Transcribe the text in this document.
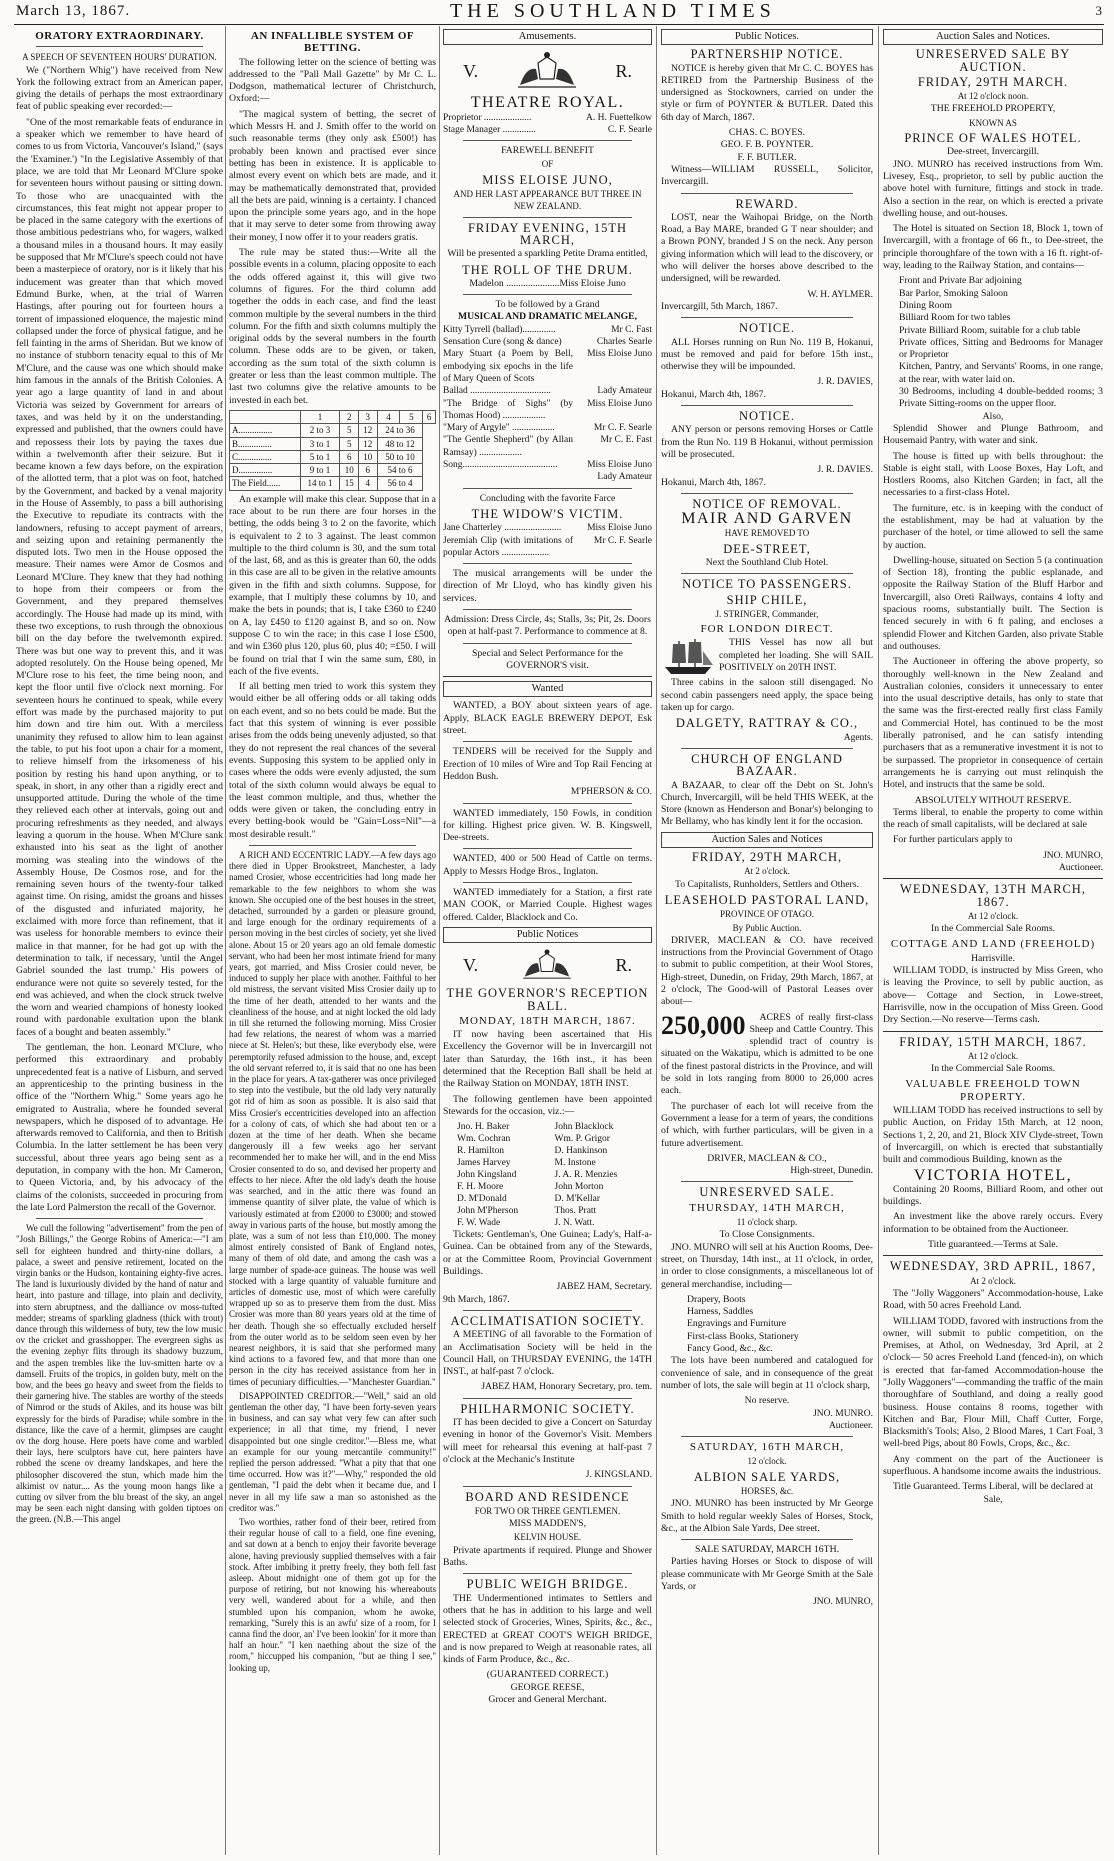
March 13, 1867.	THE SOUTHLAND TIMES	3
ORATORY EXTRAORDINARY.
A SPEECH OF SEVENTEEN HOURS' DURATION.

We ("Northern Whig") have received from New York the following extract from an American paper, giving the details of perhaps the most extraordinary feat of public speaking ever recorded:—

"One of the most remarkable feats of endurance in a speaker which we remember to have heard of comes to us from Victoria, Vancouver's Island," (says the 'Examiner.') "In the Legislative Assembly of that place, we are told that Mr Leonard M'Clure spoke for seventeen hours without pausing or sitting down. To those who are unacquainted with the circumstances, this feat might not appear proper to be placed in the same category with the exertions of those ambitious pedestrians who, for wagers, walked a thousand miles in a thousand hours. It may easily be supposed that Mr M'Clure's speech could not have been a masterpiece of oratory, nor is it likely that his inducement was greater than that which moved Edmund Burke, when, at the trial of Warren Hastings, after pouring out for fourteen hours a torrent of impassioned eloquence, the majestic mind collapsed under the force of physical fatigue, and he fell fainting in the arms of Sheridan. But we know of no instance of stubborn tenacity equal to this of Mr M'Clure, and the cause was one which should make him famous in the annals of the British Colonies. A year ago a large quantity of land in and about Victoria was seized by Government for arrears of taxes, and was held by it on the understanding, expressed and published, that the owners could have and repossess their lots by paying the taxes due within a twelvemonth after their seizure. But it became known a few days before, on the expiration of the allotted term, that a plot was on foot, hatched by the Government, and backed by a venal majority in the House of Assembly, to pass a bill authorising the Executive to repudiate its contracts with the landowners, refusing to accept payment of arrears, and seizing upon and retaining permanently the disputed lots. Two men in the House opposed the measure. Their names were Amor de Cosmos and Leonard M'Clure. They knew that they had nothing to hope from their compeers or from the Government, and they prepared themselves accordingly. The House had made up its mind, with these two exceptions, to rush through the obnoxious bill on the day before the twelvemonth expired. There was but one way to prevent this, and it was adopted resolutely. On the House being opened, Mr M'Clure rose to his feet, the time being noon, and kept the floor until five o'clock next morning. For seventeen hours he continued to speak, while every effort was made by the purchased majority to put him down and tire him out. With a merciless unanimity they refused to allow him to lean against the table, to put his foot upon a chair for a moment, to relieve himself from the irksomeness of his position by resting his hand upon anything, or to speak, in short, in any other than a rigidly erect and unsupported attitude. During the whole of the time they relieved each other at intervals, going out and procuring refreshments as they needed, and always leaving a quorum in the house. When M'Clure sank exhausted into his seat as the light of another morning was stealing into the windows of the Assembly House, De Cosmos rose, and for the remaining seven hours of the twenty-four talked against time. On rising, amidst the groans and hisses of the disgusted and infuriated majority, he exclaimed with more force than refinement, that it was useless for honorable members to evince their malice in that manner, for he had got up with the determination to talk, if necessary, 'until the Angel Gabriel sounded the last trump.' His powers of endurance were not quite so severely tested, for the end was achieved, and when the clock struck twelve the worn and wearied champions of honesty looked round with pardonable exultation upon the blank faces of a bought and beaten assembly."

The gentleman, the hon. Leonard M'Clure, who performed this extraordinary and probably unprecedented feat is a native of Lisburn, and served an apprenticeship to the printing business in the office of the "Northern Whig." Some years ago he emigrated to Australia, where he founded several newspapers, which he disposed of to advantage. He afterwards removed to California, and then to British Columbia. In the latter settlement he has been very successful, about three years ago being sent as a deputation, in company with the hon. Mr Cameron, to Queen Victoria, and, by his advocacy of the claims of the colonists, succeeded in procuring from the late Lord Palmerston the recall of the Governor.

We cull the following "advertisement" from the pen of "Josh Billings," the George Robins of America:—"I am sell for eighteen hundred and thirty-nine dollars, a palace, a sweet and pensive retirement, located on the virgin banks or the Hudson, kontaining eighty-five acres. The land is luxuriously divided by the hand of natur and heart, into pasture and tillage, into plain and declivity, into stern abruptness, and the dalliance ov moss-tufted medder; streams of sparkling gladness (thick with trout) dance through this wilderness of buty, tew the low music ov the cricket and grasshopper. The evergreen sighs as the evening zephyr flits through its shadowy buzzum, and the aspen trembles like the luv-smitten harte ov a damsell. Fruits of the tropics, in golden buty, melt on the bow, and the bees go heavy and sweet from the fields to their garnering hive. The stables are worthy of the steeds of Nimrod or the studs of Akiles, and its house was bilt expressly for the birds of Paradise; while sombre in the distance, like the cave of a hermit, glimpses are caught ov the dorg house. Here poets have come and warbled their lays, here sculptors have cut, here painters have robbed the scene ov dreamy landskapes, and here the philosopher discovered the stun, which made him the alkimist ov natur.... As the young moon hangs like a cutting ov silver from the blu breast of the sky, an angel may be seen each night dansing with golden tiptoes on the green. (N.B.—This angel

AN INFALLIBLE SYSTEM OF BETTING.

The following letter on the science of betting was addressed to the "Pall Mall Gazette" by Mr C. L. Dodgson, mathematical lecturer of Christchurch, Oxford:—

"The magical system of betting, the secret of which Messrs H. and J. Smith offer to the world on such reasonable terms (they only ask £500!) has probably been known and practised ever since betting has been in existence. It is applicable to almost every event on which bets are made, and it may be mathematically demonstrated that, provided all the bets are paid, winning is a certainty. I chanced upon the principle some years ago, and in the hope that it may serve to deter some from throwing away their money, I now offer it to your readers gratis.

The rule may be stated thus:—Write all the possible events in a column, placing opposite to each the odds offered against it, this will give two columns of figures. For the third column add together the odds in each case, and find the least common multiple by the several numbers in the third column. For the fifth and sixth columns multiply the original odds by the several numbers in the fourth column. These odds are to be given, or taken, according as the sum total of the sixth column is greater or less than the least common multiple. The last two columns give the relative amounts to be invested in each bet.

	1	2	3	4	5	6
A...............	2 to 3	5	12	24 to 36		
B...............	3 to 1	5	12	48 to 12		
C...............	5 to 1	6	10	50 to 10		
D...............	9 to 1	10	6	54 to 6		
The Field......	14 to 1	15	4	56 to 4		

An example will make this clear. Suppose that in a race about to be run there are four horses in the betting, the odds being 3 to 2 on the favorite, which is equivalent to 2 to 3 against. The least common multiple to the third column is 30, and the sum total of the last, 68, and as this is greater than 60, the odds in this case are all to be given in the relative amounts given in the fifth and sixth columns. Suppose, for example, that I multiply these columns by 10, and make the bets in pounds; that is, I take £360 to £240 on A, lay £450 to £120 against B, and so on. Now suppose C to win the race; in this case I lose £500, and win £360 plus 120, plus 60, plus 40; =£50. I will be found on trial that I win the same sum, £80, in each of the five events.

If all betting men tried to work this system they would either be all offering odds or all taking odds on each event, and so no bets could be made. But the fact that this system of winning is ever possible arises from the odds being unevenly adjusted, so that they do not represent the real chances of the several events. Supposing this system to be applied only in cases where the odds were evenly adjusted, the sum total of the sixth column would always be equal to the least common multiple, and thus, whether the odds were given or taken, the concluding entry in every betting-book would be "Gain=Loss=Nil"—a most desirable result."

A RICH AND ECCENTRIC LADY.—A few days ago there died in Upper Brookstreet, Manchester, a lady named Crosier, whose eccentricities had long made her remarkable to the few neighbors to whom she was known. She occupied one of the best houses in the street, detached, surrounded by a garden or pleasure ground, and large enough for the ordinary requirements of a person moving in the best circles of society, yet she lived alone. About 15 or 20 years ago an old female domestic servant, who had been her most intimate friend for many years, got married, and Miss Crosier could never, be induced to supply her place with another. Faithful to her old mistress, the servant visited Miss Crosier daily up to the time of her death, attended to her wants and the cleanliness of the house, and at night locked the old lady in till she returned the following morning. Miss Crosier had few relations, the nearest of whom was a married niece at St. Helen's; but these, like everybody else, were peremptorily refused admission to the house, and, except the old servant referred to, it is said that no one has been in the place for years. A tax-gatherer was once privileged to step into the vestibule, but the old lady very naturally got rid of him as soon as possible. It is also said that Miss Crosier's eccentricities developed into an affection for a colony of cats, of which she had about ten or a dozen at the time of her death. When she became dangerously ill a few weeks ago her servant recommended her to make her will, and in the end Miss Crosier consented to do so, and devised her property and effects to her niece. After the old lady's death the house was searched, and in the attic there was found an immense quantity of silver plate, the value of which is variously estimated at from £2000 to £3000; and stowed away in various parts of the house, but mostly among the plate, was a sum of not less than £10,000. The money almost entirely consisted of Bank of England notes, many of them of old date, and among the cash was a large number of spade-ace guineas. The house was well stocked with a large quantity of valuable furniture and articles of domestic use, most of which were carefully wrapped up so as to preserve them from the dust. Miss Crosier was more than 80 years years old at the time of her death. Though she so effectually excluded herself from the outer world as to be seldom seen even by her nearest neighbors, it is said that she performed many kind actions to a favored few, and that more than one person in the city has received assistance from her in times of pecuniary difficulties.—"Manchester Guardian."

DISAPPOINTED CREDITOR.—"Well," said an old gentleman the other day, "I have been forty-seven years in business, and can say what very few can after such experience; in all that time, my friend, I never disappointed but one single creditor."—Bless me, what an example for our young mercantile community!" replied the person addressed. "What a pity that that one time occurred. How was it?"—Why," responded the old gentleman, "I paid the debt when it became due, and I never in all my life saw a man so astonished as the creditor was."

Two worthies, rather fond of their beer, retired from their regular house of call to a field, one fine evening, and sat down at a bench to enjoy their favorite beverage alone, having previously supplied themselves with a fair stock. After imbibing it pretty freely, they both fell fast asleep. About midnight one of them got up for the purpose of retiring, but not knowing his whereabouts very well, wandered about for a while, and then stumbled upon his companion, whom he awoke, remarking, "Surely this is an awfu' size of a room, for I canna find the door, an' I've been lookin' for it more than half an hour." "I ken naething about the size of the room," hiccupped his companion, "but ae thing I see," looking up,

Amusements.
V.	R.
THEATRE ROYAL.
Proprietor ....................	A. H. Fuettelkow
Stage Manager ..............	C. F. Searle
FAREWELL BENEFIT
OF
MISS ELOISE JUNO,
AND HER LAST APPEARANCE BUT THREE IN NEW ZEALAND.
FRIDAY EVENING, 15TH MARCH,
Will be presented a sparkling Petite Drama entitled,
THE ROLL OF THE DRUM.
Madelon ......................Miss Eloise Juno
To be followed by a Grand
MUSICAL AND DRAMATIC MELANGE,
Kitty Tyrrell (ballad)..............	Mr C. Fast
Sensation Cure (song & dance)	Charles Searle
Mary Stuart (a Poem by Bell, embodying six epochs in the life of Mary Queen of Scots
Miss Eloise Juno
Ballad ..................................	Lady Amateur
"The Bridge of Sighs" (by Thomas Hood) ..................
Miss Eloise Juno
"Mary of Argyle" ..................	Mr C. F. Searle
"The Gentle Shepherd" (by Allan Ramsay) ..................
Mr C. E. Fast
Song........................................	Miss Eloise Juno
Lady Amateur
Concluding with the favorite Farce
THE WIDOW'S VICTIM.
Jane Chatterley ........................	Miss Eloise Juno
Jeremiah Clip (with imitations of popular Actors ....................
Mr C. F. Searle

The musical arrangements will be under the direction of Mr Lloyd, who has kindly given his services.

Admission: Dress Circle, 4s; Stalls, 3s; Pit, 2s. Doors open at half-past 7. Performance to commence at 8.
Special and Select Performance for the GOVERNOR'S visit.
Wanted

WANTED, a BOY about sixteen years of age. Apply, BLACK EAGLE BREWERY DEPOT, Esk street.

TENDERS will be received for the Supply and Erection of 10 miles of Wire and Top Rail Fencing at Heddon Bush.

M'PHERSON & CO.

WANTED immediately, 150 Fowls, in condition for killing. Highest price given. W. B. Kingswell, Dee-streets.

WANTED, 400 or 500 Head of Cattle on terms. Apply to Messrs Hodge Bros., Inglaton.

WANTED immediately for a Station, a first rate MAN COOK, or Married Couple. Highest wages offered. Calder, Blacklock and Co.

Public Notices
V.	R.
THE GOVERNOR'S RECEPTION BALL.
MONDAY, 18TH MARCH, 1867.

IT now having been ascertained that His Excellency the Governor will be in Invercargill not later than Saturday, the 16th inst., it has been determined that the Reception Ball shall be held at the Railway Station on MONDAY, 18TH INST.

The following gentlemen have been appointed Stewards for the occasion, viz.:—

Jno. H. Baker	John Blacklock
Wm. Cochran	Wm. P. Grigor
R. Hamilton	D. Hankinson
James Harvey	M. Instone
John Kingsland	J. A. R. Menzies
F. H. Moore	John Morton
D. M'Donald	D. M'Kellar
John M'Pherson	Thos. Pratt
F. W. Wade	J. N. Watt.

Tickets: Gentleman's, One Guinea; Lady's, Half-a-Guinea. Can be obtained from any of the Stewards, or at the Committee Room, Provincial Government Buildings.

JABEZ HAM, Secretary.
9th March, 1867.
ACCLIMATISATION SOCIETY.

A MEETING of all favorable to the Formation of an Acclimatisation Society will be held in the Council Hall, on THURSDAY EVENING, the 14TH INST., at half-past 7 o'clock.

JABEZ HAM, Honorary Secretary, pro. tem.
PHILHARMONIC SOCIETY.

IT has been decided to give a Concert on Saturday evening in honor of the Governor's Visit. Members will meet for rehearsal this evening at half-past 7 o'clock at the Mechanic's Institute

J. KINGSLAND.
BOARD AND RESIDENCE
FOR TWO OR THREE GENTLEMEN.
MISS MADDEN'S,
KELVIN HOUSE.

Private apartments if required. Plunge and Shower Baths.

PUBLIC WEIGH BRIDGE.

THE Undermentioned intimates to Settlers and others that he has in addition to his large and well selected stock of Groceries, Wines, Spirits, &c., &c., ERECTED at GREAT COOT'S WEIGH BRIDGE, and is now prepared to Weigh at reasonable rates, all kinds of Farm Produce, &c., &c.

(GUARANTEED CORRECT.)
GEORGE REESE,
Grocer and General Merchant.
Public Notices.
PARTNERSHIP NOTICE.

NOTICE is hereby given that Mr C. C. BOYES has RETIRED from the Partnership Business of the undersigned as Stockowners, carried on under the style or firm of POYNTER & BUTLER. Dated this 6th day of March, 1867.

CHAS. C. BOYES.
GEO. F. B. POYNTER.
F. F. BUTLER.

Witness—WILLIAM RUSSELL, Solicitor, Invercargill.

REWARD.

LOST, near the Waihopai Bridge, on the North Road, a Bay MARE, branded G T near shoulder; and a Brown PONY, branded J S on the neck. Any person giving information which will lead to the discovery, or who will deliver the horses above described to the undersigned, will be rewarded.

W. H. AYLMER.
Invercargill, 5th March, 1867.
NOTICE.

ALL Horses running on Run No. 119 B, Hokanui, must be removed and paid for before 15th inst., otherwise they will be impounded.

J. R. DAVIES,
Hokanui, March 4th, 1867.
NOTICE.

ANY person or persons removing Horses or Cattle from the Run No. 119 B Hokanui, without permission will be prosecuted.

J. R. DAVIES.
Hokanui, March 4th, 1867.
NOTICE OF REMOVAL.
MAIR AND GARVEN
HAVE REMOVED TO
DEE-STREET,
Next the Southland Club Hotel.
NOTICE TO PASSENGERS.
SHIP CHILE,
J. STRINGER, Commander,
FOR LONDON DIRECT.

THIS Vessel has now all but completed her loading. She will SAIL POSITIVELY on 20TH INST.

Three cabins in the saloon still disengaged. No second cabin passengers need apply, the space being taken up for cargo.

DALGETY, RATTRAY & CO.,
Agents.
CHURCH OF ENGLAND BAZAAR.

A BAZAAR, to clear off the Debt on St. John's Church, Invercargill, will be held THIS WEEK, at the Store (known as Henderson and Bonar's) belonging to Mr Bellamy, who has kindly lent it for the occasion.

Auction Sales and Notices
FRIDAY, 29TH MARCH,
At 2 o'clock.
To Capitalists, Runholders, Settlers and Others.
LEASEHOLD PASTORAL LAND,
PROVINCE OF OTAGO.
By Public Auction.

DRIVER, MACLEAN & CO. have received instructions from the Provincial Government of Otago to submit to public competition, at their Wool Stores, High-street, Dunedin, on Friday, 29th March, 1867, at 2 o'clock, The Good-will of Pastoral Leases over about—

250,000	ACRES of really first-class Sheep and Cattle Country. This splendid tract of country is situated on the Wakatipu, which is admitted to be one of the finest pastoral districts in the Province, and will be sold in lots ranging from 8000 to 26,000 acres each.

The purchaser of each lot will receive from the Government a lease for a term of years, the conditions of which, with further particulars, will be given in a future advertisement.

DRIVER, MACLEAN & CO.,
High-street, Dunedin.
UNRESERVED SALE.
THURSDAY, 14TH MARCH,
11 o'clock sharp.
To Close Consignments.

JNO. MUNRO will sell at his Auction Rooms, Dee-street, on Thursday, 14th inst., at 11 o'clock, in order, in order to close consignments, a miscellaneous lot of general merchandise, including—

Drapery, Boots
Harness, Saddles
Engravings and Furniture
First-class Books, Stationery
Fancy Good, &c., &c.

The lots have been numbered and catalogued for convenience of sale, and in consequence of the great number of lots, the sale will begin at 11 o'clock sharp,

No reserve.
JNO. MUNRO.
Auctioneer.
SATURDAY, 16TH MARCH,
12 o'clock.
ALBION SALE YARDS,
HORSES, &c.

JNO. MUNRO has been instructed by Mr George Smith to hold regular weekly Sales of Horses, Stock, &c., at the Albion Sale Yards, Dee street.

SALE SATURDAY, MARCH 16TH.

Parties having Horses or Stock to dispose of will please communicate with Mr George Smith at the Sale Yards, or

JNO. MUNRO,
Auction Sales and Notices.
UNRESERVED SALE BY AUCTION.
FRIDAY, 29TH MARCH.
At 12 o'clock noon.
THE FREEHOLD PROPERTY,
KNOWN AS
PRINCE OF WALES HOTEL.
Dee-street, Invercargill.

JNO. MUNRO has received instructions from Wm. Livesey, Esq., proprietor, to sell by public auction the above hotel with furniture, fittings and stock in trade. Also a section in the rear, on which is erected a private dwelling house, and out-houses.

The Hotel is situated on Section 18, Block 1, town of Invercargill, with a frontage of 66 ft., to Dee-street, the principle thoroughfare of the town with a 16 ft. right-of-way, leading to the Railway Station, and contains—

Front and Private Bar adjoining
Bar Parlor, Smoking Saloon
Dining Room
Billiard Room for two tables
Private Billiard Room, suitable for a club table
Private offices, Sitting and Bedrooms for Manager or Proprietor
Kitchen, Pantry, and Servants' Rooms, in one range, at the rear, with water laid on.
30 Bedrooms, including 4 double-bedded rooms; 3 Private Sitting-rooms on the upper floor.
Also,

Splendid Shower and Plunge Bathroom, and Housemaid Pantry, with water and sink.

The house is fitted up with bells throughout: the Stable is eight stall, with Loose Boxes, Hay Loft, and Hostlers Rooms, also Kitchen Garden; in fact, all the necessaries to a first-class Hotel.

The furniture, etc. is in keeping with the conduct of the establishment, may be had at valuation by the purchaser of the hotel, or time allowed to sell the same by auction.

Dwelling-house, situated on Section 5 (a continuation of Section 18), fronting the public esplanade, and opposite the Railway Station of the Bluff Harbor and Invercargill, also Oreti Railways, contains 4 lofty and spacious rooms, substantially built. The Section is fenced securely in with 6 ft paling, and encloses a splendid Flower and Kitchen Garden, also private Stable and outhouses.

The Auctioneer in offering the above property, so thoroughly well-known in the New Zealand and Australian colonies, considers it unnecessary to enter into the usual descriptive details, has only to state that the same was the first-erected really first class Family and Commercial Hotel, has continued to be the most liberally patronised, and he can satisfy intending purchasers that as a remunerative investment it is not to be surpassed. The proprietor in consequence of certain arrangements he is carrying out must relinquish the Hotel, and instructs that the same be sold.

ABSOLUTELY WITHOUT RESERVE.

Terms liberal, to enable the property to come within the reach of small capitalists, will be declared at sale

For further particulars apply to

JNO. MUNRO,
Auctioneer.
WEDNESDAY, 13TH MARCH, 1867.
At 12 o'clock.
In the Commercial Sale Rooms.
COTTAGE AND LAND (FREEHOLD)
Harrisville.

WILLIAM TODD, is instructed by Miss Green, who is leaving the Province, to sell by public auction, as above— Cottage and Section, in Lowe-street, Harrisville, now in the occupation of Miss Green. Good Dry Section.—No reserve—Terms cash.

FRIDAY, 15TH MARCH, 1867.
At 12 o'clock.
In the Commercial Sale Rooms.
VALUABLE FREEHOLD TOWN PROPERTY.

WILLIAM TODD has received instructions to sell by public Auction, on Friday 15th March, at 12 noon, Sections 1, 2, 20, and 21, Block XIV Clyde-street, Town of Invercargill, on which is erected that substantially built and commodious Building, known as the

VICTORIA HOTEL,

Containing 20 Rooms, Billiard Room, and other out buildings.

An investment like the above rarely occurs. Every information to be obtained from the Auctioneer.

Title guaranteed.—Terms at Sale.
WEDNESDAY, 3RD APRIL, 1867,
At 2 o'clock.

The "Jolly Waggoners" Accommodation-house, Lake Road, with 50 acres Freehold Land.

WILLIAM TODD, favored with instructions from the owner, will submit to public competition, on the Premises, at Athol, on Wednesday, 3rd April, at 2 o'clock— 50 acres Freehold Land (fenced-in), on which is erected that far-famed Accommodation-house the "Jolly Waggoners"—commanding the traffic of the main thoroughfare of Southland, and doing a really good business. House contains 8 rooms, together with Kitchen and Bar, Flour Mill, Chaff Cutter, Forge, Blacksmith's Tools; Also, 2 Blood Mares, 1 Cart Foal, 3 well-bred Pigs, about 80 Fowls, Crops, &c., &c.

Any comment on the part of the Auctioneer is superfluous. A handsome income awaits the industrious.

Title Guaranteed. Terms Liberal, will be declared at Sale,
